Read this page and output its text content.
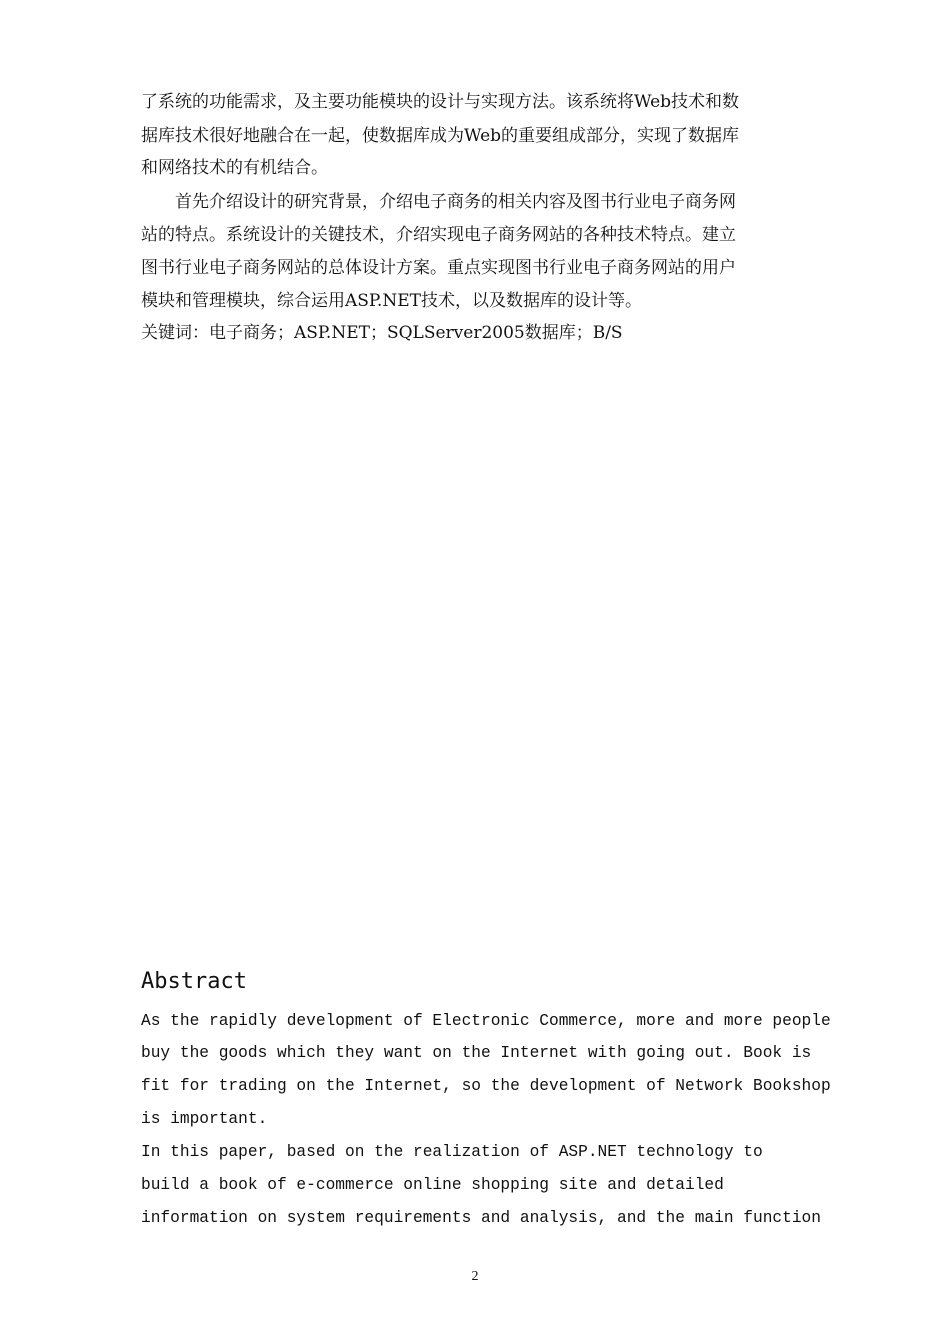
了系统的功能需求，及主要功能模块的设计与实现方法。该系统将Web技术和数
据库技术很好地融合在一起，使数据库成为Web的重要组成部分，实现了数据库
和网络技术的有机结合。
　　首先介绍设计的研究背景，介绍电子商务的相关内容及图书行业电子商务网
站的特点。系统设计的关键技术，介绍实现电子商务网站的各种技术特点。建立
图书行业电子商务网站的总体设计方案。重点实现图书行业电子商务网站的用户
模块和管理模块，综合运用ASP.NET技术，以及数据库的设计等。
关键词：电子商务；ASP.NET；SQLServer2005数据库；B/S
Abstract
As the rapidly development of Electronic Commerce, more and more people
buy the goods which they want on the Internet with going out. Book is
fit for trading on the Internet, so the development of Network Bookshop
is important.
In this paper, based on the realization of ASP.NET technology to
build a book of e-commerce online shopping site and detailed
information on system requirements and analysis, and the main function
2
